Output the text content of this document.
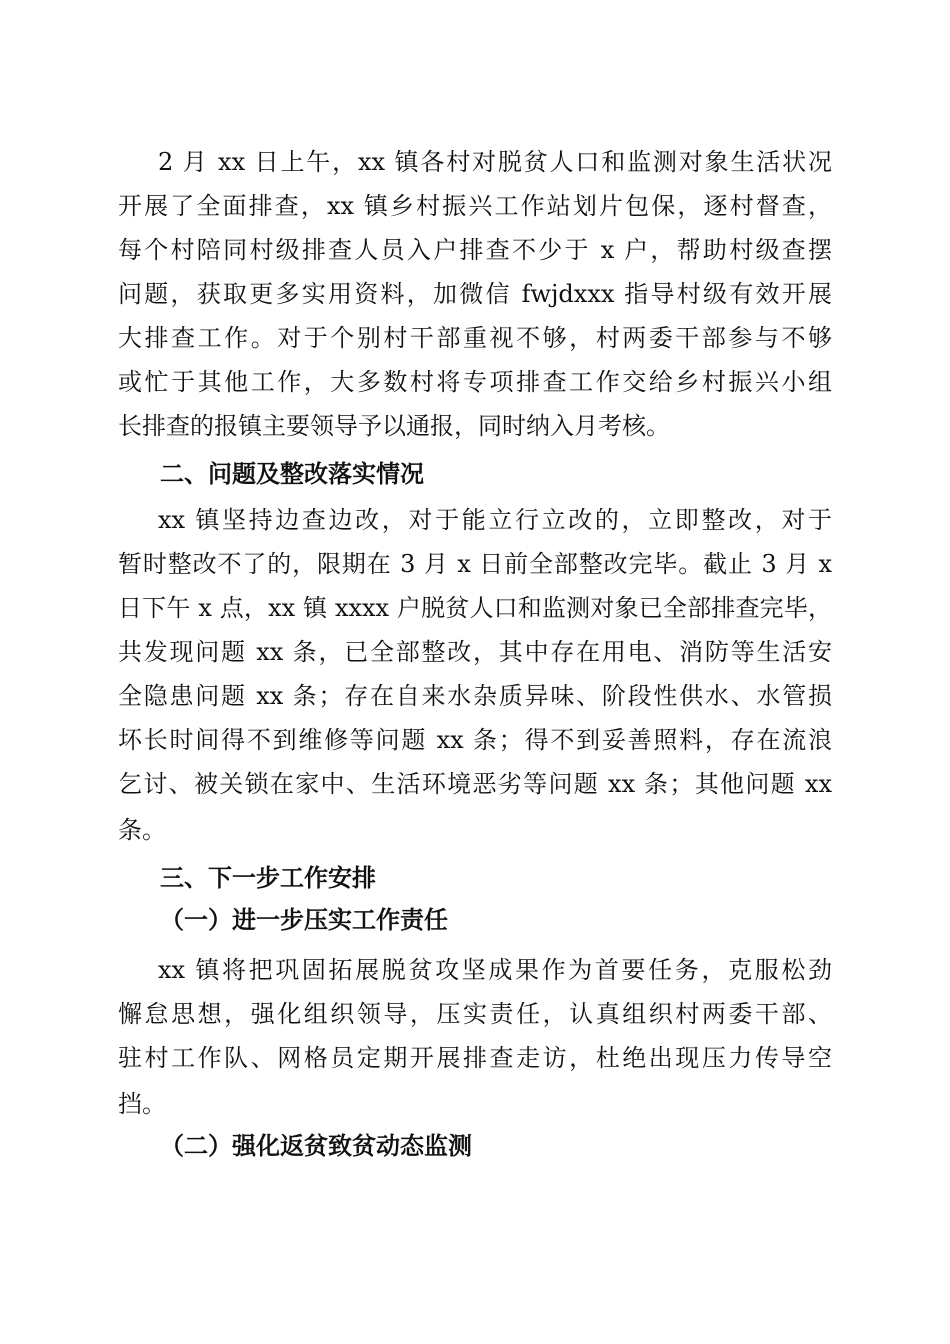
2 月 xx 日上午，xx 镇各村对脱贫人口和监测对象生活状况
开展了全面排查，xx 镇乡村振兴工作站划片包保，逐村督查，
每个村陪同村级排查人员入户排查不少于 x 户，帮助村级查摆
问题，获取更多实用资料，加微信 fwjdxxx 指导村级有效开展
大排查工作。对于个别村干部重视不够，村两委干部参与不够
或忙于其他工作，大多数村将专项排查工作交给乡村振兴小组
长排查的报镇主要领导予以通报，同时纳入月考核。
二、问题及整改落实情况
xx 镇坚持边查边改，对于能立行立改的，立即整改，对于
暂时整改不了的，限期在 3 月 x 日前全部整改完毕。截止 3 月 x
日下午 x 点，xx 镇 xxxx 户脱贫人口和监测对象已全部排查完毕，
共发现问题 xx 条，已全部整改，其中存在用电、消防等生活安
全隐患问题 xx 条；存在自来水杂质异味、阶段性供水、水管损
坏长时间得不到维修等问题 xx 条；得不到妥善照料，存在流浪
乞讨、被关锁在家中、生活环境恶劣等问题 xx 条；其他问题 xx
条。
三、下一步工作安排
（一）进一步压实工作责任
xx 镇将把巩固拓展脱贫攻坚成果作为首要任务，克服松劲
懈怠思想，强化组织领导，压实责任，认真组织村两委干部、
驻村工作队、网格员定期开展排查走访，杜绝出现压力传导空
挡。
（二）强化返贫致贫动态监测
